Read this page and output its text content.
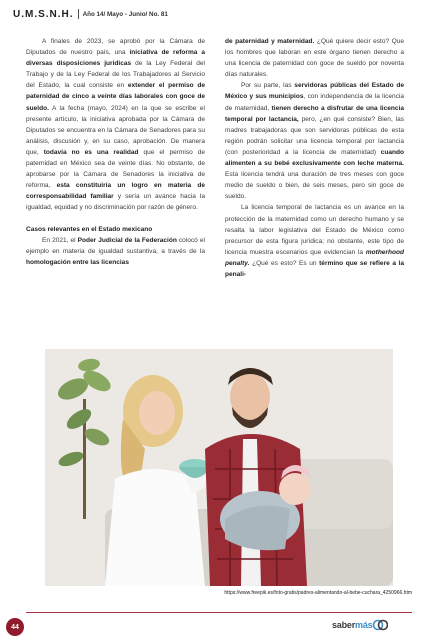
U.M.S.N.H. Año 14/ Mayo - Junio/ No. 81

A finales de 2023, se aprobó por la Cámara de Diputados de nuestro país, una iniciativa de reforma a diversas disposiciones jurídicas de la Ley Federal del Trabajo y de la Ley Federal de los Trabajadores al Servicio del Estado, la cual consiste en extender el permiso de paternidad de cinco a veinte días laborales con goce de sueldo. A la fecha (mayo, 2024) en la que se escribe el presente artículo, la iniciativa aprobada por la Cámara de Diputados se encuentra en la Cámara de Senadores para su análisis, discusión y, en su caso, aprobación. De manera que, todavía no es una realidad que el permiso de paternidad en México sea de veinte días. No obstante, de aprobarse por la Cámara de Senadores la iniciativa de reforma, esta constituiría un logro en materia de corresponsabilidad familiar y sería un avance hacia la igualdad, equidad y no discriminación por razón de género.

Casos relevantes en el Estado mexicano

En 2021, el Poder Judicial de la Federación colocó el ejemplo en materia de igualdad sustantiva, a través de la homologación entre las licencias

de paternidad y maternidad. ¿Qué quiere decir esto? Que los hombres que laboran en este órgano tienen derecho a una licencia de paternidad con goce de sueldo por noventa días naturales.

Por su parte, las servidoras públicas del Estado de México y sus municipios, con independencia de la licencia de maternidad, tienen derecho a disfrutar de una licencia temporal por lactancia, pero, ¿en qué consiste? Bien, las madres trabajadoras que son servidoras públicas de esta región podrán solicitar una licencia temporal por lactancia (con posterioridad a la licencia de maternidad) cuando alimenten a su bebé exclusivamente con leche materna. Esta licencia tendrá una duración de tres meses con goce medio de sueldo o bien, de seis meses, pero sin goce de sueldo.

La licencia temporal de lactancia es un avance en la protección de la maternidad como un derecho humano y se resalta la labor legislativa del Estado de México como precursor de esta figura jurídica; no obstante, este tipo de licencia muestra escenarios que evidencian la motherhood penalty. ¿Qué es esto? Es un término que se refiere a la penali-

https://www.freepik.es/foto-gratis/padres-alimentando-al-bebe-cuchara_4250966.htm
44	saber más
